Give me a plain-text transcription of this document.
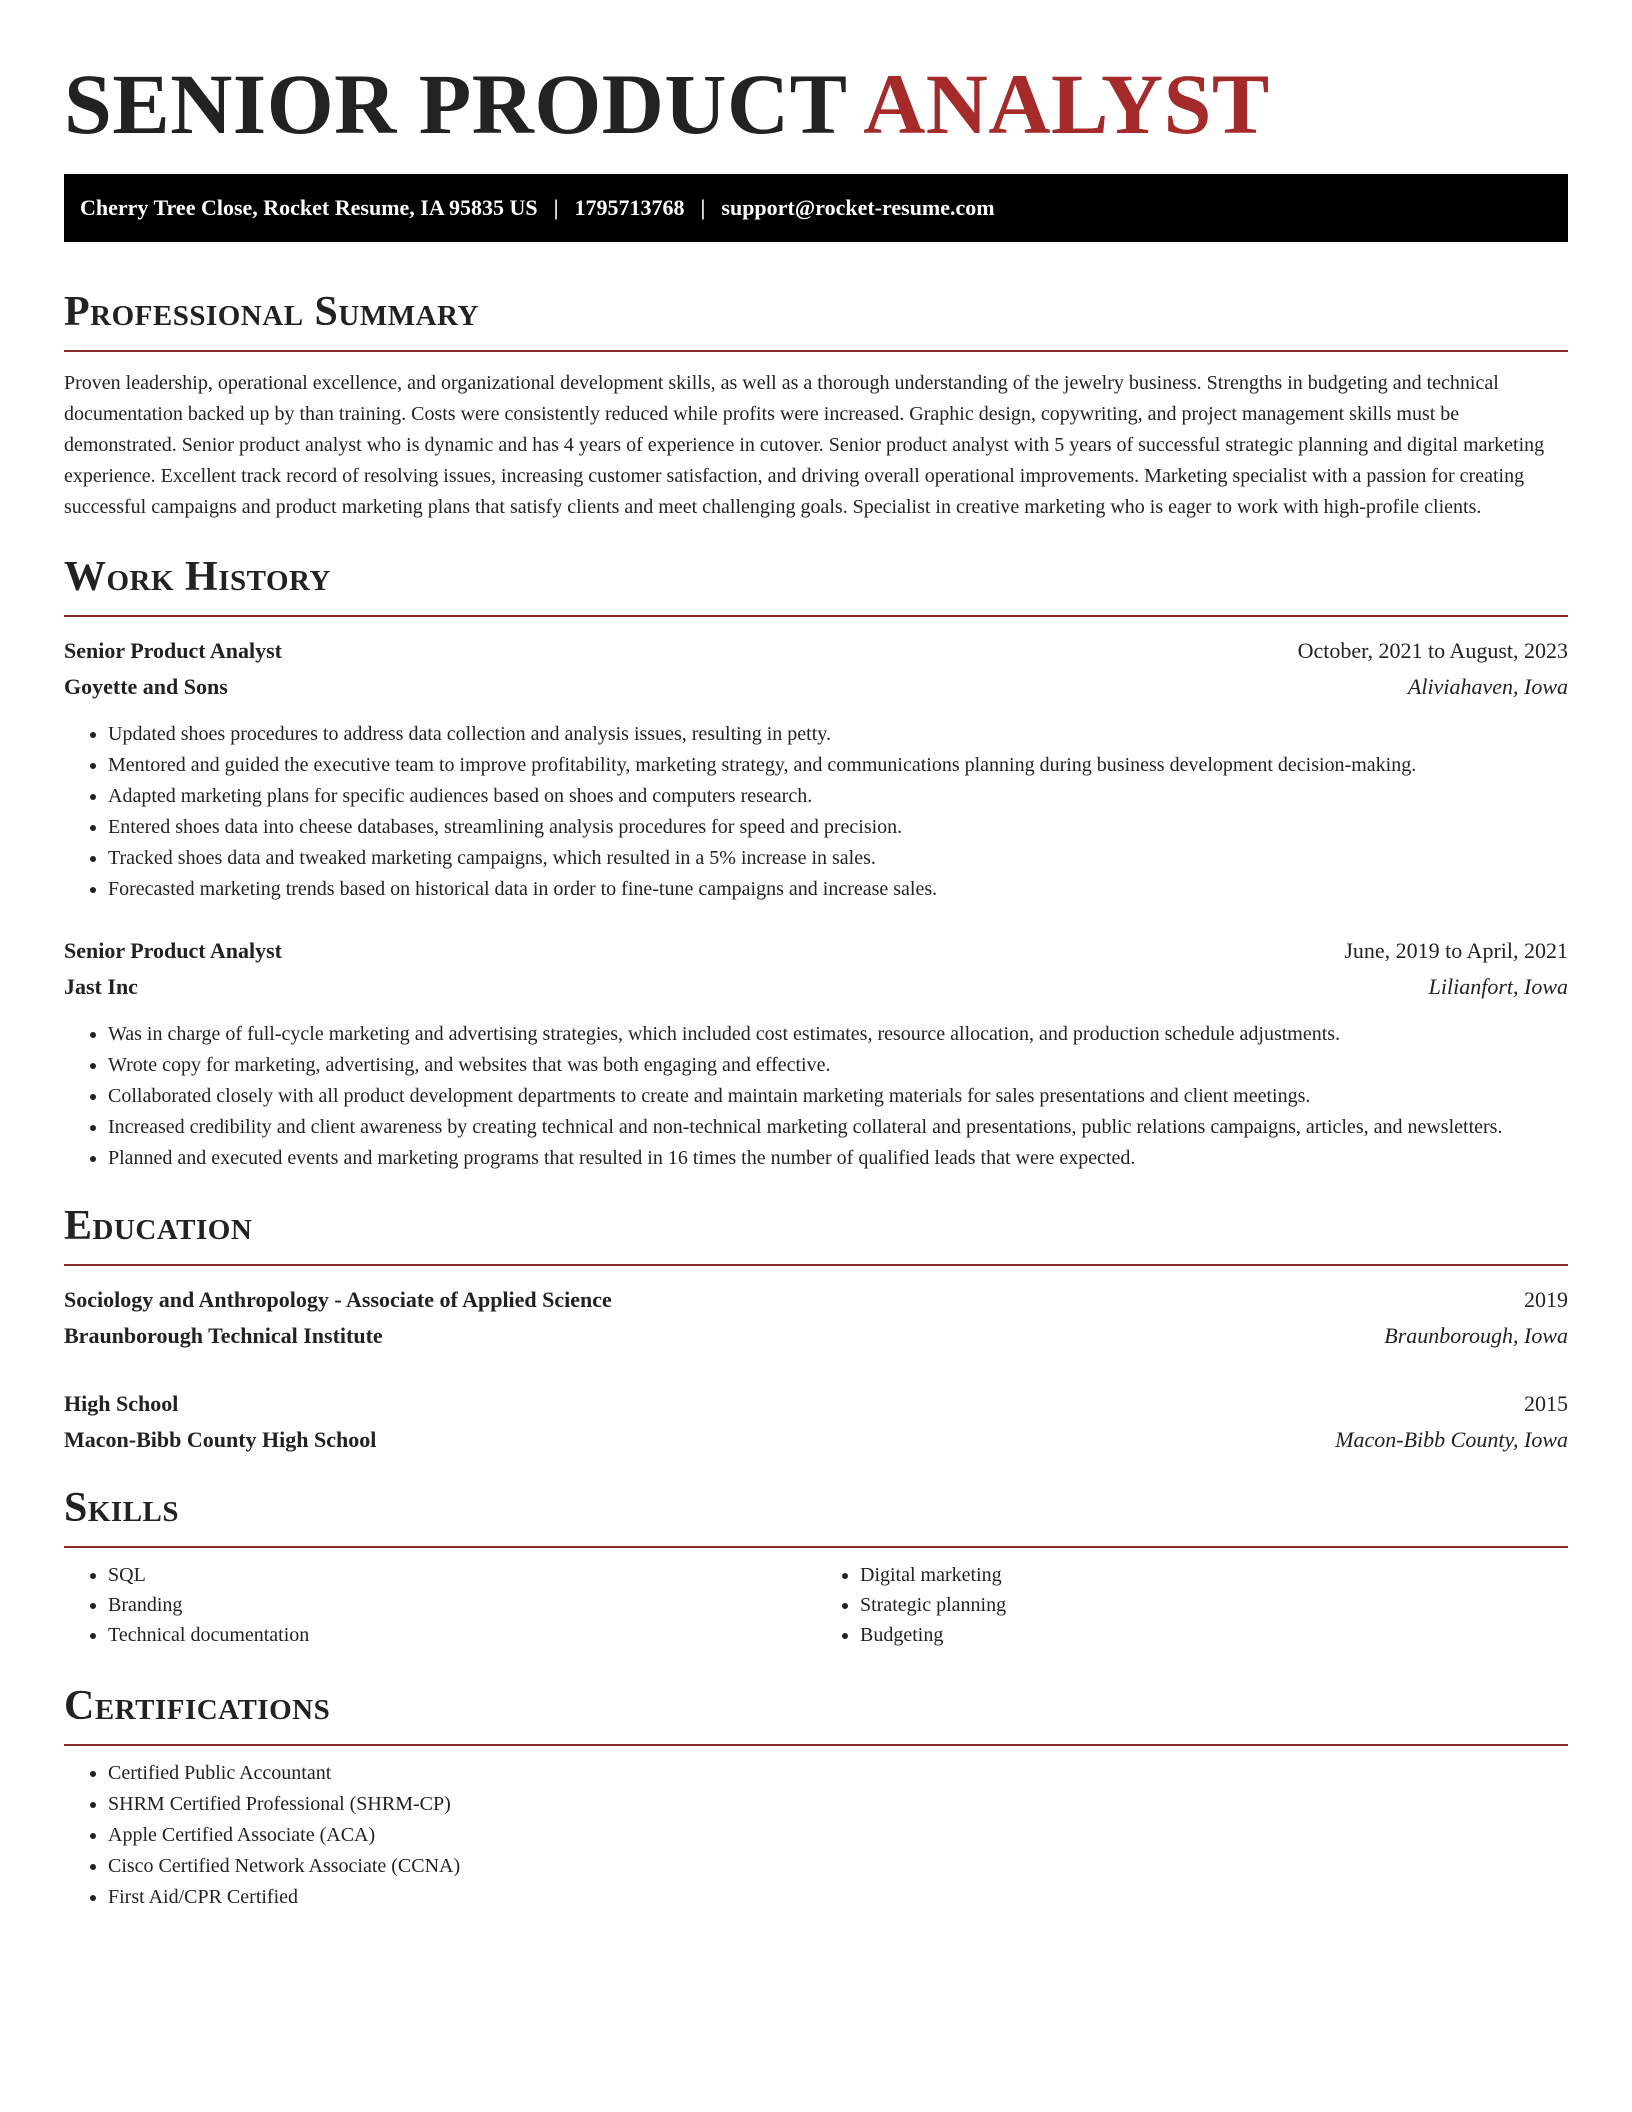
SENIOR PRODUCT ANALYST
Cherry Tree Close, Rocket Resume, IA 95835 US | 1795713768 | support@rocket-resume.com
Professional Summary
Proven leadership, operational excellence, and organizational development skills, as well as a thorough understanding of the jewelry business. Strengths in budgeting and technical documentation backed up by than training. Costs were consistently reduced while profits were increased. Graphic design, copywriting, and project management skills must be demonstrated. Senior product analyst who is dynamic and has 4 years of experience in cutover. Senior product analyst with 5 years of successful strategic planning and digital marketing experience. Excellent track record of resolving issues, increasing customer satisfaction, and driving overall operational improvements. Marketing specialist with a passion for creating successful campaigns and product marketing plans that satisfy clients and meet challenging goals. Specialist in creative marketing who is eager to work with high-profile clients.
Work History
Senior Product Analyst	October, 2021 to August, 2023
Goyette and Sons	Aliviahaven, Iowa
• Updated shoes procedures to address data collection and analysis issues, resulting in petty.
• Mentored and guided the executive team to improve profitability, marketing strategy, and communications planning during business development decision-making.
• Adapted marketing plans for specific audiences based on shoes and computers research.
• Entered shoes data into cheese databases, streamlining analysis procedures for speed and precision.
• Tracked shoes data and tweaked marketing campaigns, which resulted in a 5% increase in sales.
• Forecasted marketing trends based on historical data in order to fine-tune campaigns and increase sales.
Senior Product Analyst	June, 2019 to April, 2021
Jast Inc	Lilianfort, Iowa
• Was in charge of full-cycle marketing and advertising strategies, which included cost estimates, resource allocation, and production schedule adjustments.
• Wrote copy for marketing, advertising, and websites that was both engaging and effective.
• Collaborated closely with all product development departments to create and maintain marketing materials for sales presentations and client meetings.
• Increased credibility and client awareness by creating technical and non-technical marketing collateral and presentations, public relations campaigns, articles, and newsletters.
• Planned and executed events and marketing programs that resulted in 16 times the number of qualified leads that were expected.
Education
Sociology and Anthropology - Associate of Applied Science	2019
Braunborough Technical Institute	Braunborough, Iowa
High School	2015
Macon-Bibb County High School	Macon-Bibb County, Iowa
Skills
• SQL
• Branding
• Technical documentation
• Digital marketing
• Strategic planning
• Budgeting
Certifications
• Certified Public Accountant
• SHRM Certified Professional (SHRM-CP)
• Apple Certified Associate (ACA)
• Cisco Certified Network Associate (CCNA)
• First Aid/CPR Certified
